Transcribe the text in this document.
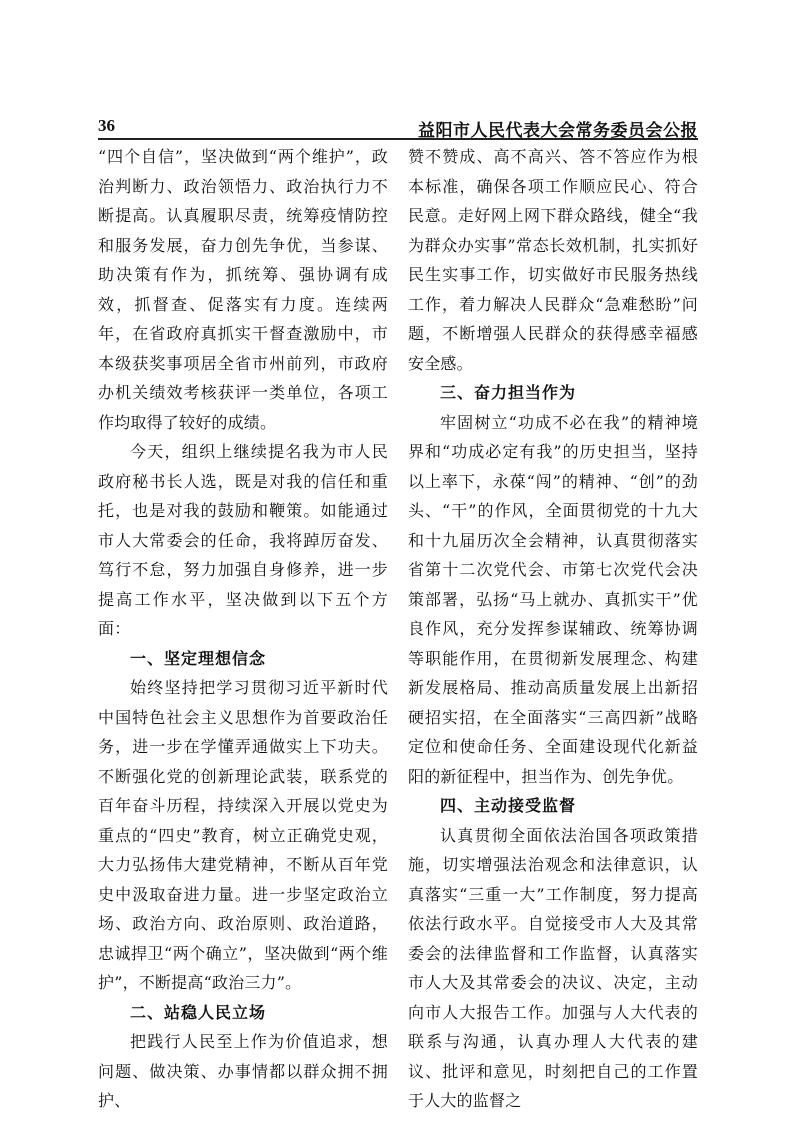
36	益阳市人民代表大会常务委员会公报

“四个自信”，坚决做到“两个维护”，政治判断力、政治领悟力、政治执行力不断提高。认真履职尽责，统筹疫情防控和服务发展，奋力创先争优，当参谋、助决策有作为，抓统筹、强协调有成效，抓督查、促落实有力度。连续两年，在省政府真抓实干督查激励中，市本级获奖事项居全省市州前列，市政府办机关绩效考核获评一类单位，各项工作均取得了较好的成绩。

今天，组织上继续提名我为市人民政府秘书长人选，既是对我的信任和重托，也是对我的鼓励和鞭策。如能通过市人大常委会的任命，我将踔厉奋发、笃行不怠，努力加强自身修养，进一步提高工作水平，坚决做到以下五个方面：

一、坚定理想信念

始终坚持把学习贯彻习近平新时代中国特色社会主义思想作为首要政治任务，进一步在学懂弄通做实上下功夫。不断强化党的创新理论武装，联系党的百年奋斗历程，持续深入开展以党史为重点的“四史”教育，树立正确党史观，大力弘扬伟大建党精神，不断从百年党史中汲取奋进力量。进一步坚定政治立场、政治方向、政治原则、政治道路，忠诚捍卫“两个确立”，坚决做到“两个维护”，不断提高“政治三力”。

二、站稳人民立场

把践行人民至上作为价值追求，想问题、做决策、办事情都以群众拥不拥护、

赞不赞成、高不高兴、答不答应作为根本标准，确保各项工作顺应民心、符合民意。走好网上网下群众路线，健全“我为群众办实事”常态长效机制，扎实抓好民生实事工作，切实做好市民服务热线工作，着力解决人民群众“急难愁盼”问题，不断增强人民群众的获得感幸福感安全感。

三、奋力担当作为

牢固树立“功成不必在我”的精神境界和“功成必定有我”的历史担当，坚持以上率下，永葆“闯”的精神、“创”的劲头、“干”的作风，全面贯彻党的十九大和十九届历次全会精神，认真贯彻落实省第十二次党代会、市第七次党代会决策部署，弘扬“马上就办、真抓实干”优良作风，充分发挥参谋辅政、统筹协调等职能作用，在贯彻新发展理念、构建新发展格局、推动高质量发展上出新招硬招实招，在全面落实“三高四新”战略定位和使命任务、全面建设现代化新益阳的新征程中，担当作为、创先争优。

四、主动接受监督

认真贯彻全面依法治国各项政策措施，切实增强法治观念和法律意识，认真落实“三重一大”工作制度，努力提高依法行政水平。自觉接受市人大及其常委会的法律监督和工作监督，认真落实市人大及其常委会的决议、决定，主动向市人大报告工作。加强与人大代表的联系与沟通，认真办理人大代表的建议、批评和意见，时刻把自己的工作置于人大的监督之
